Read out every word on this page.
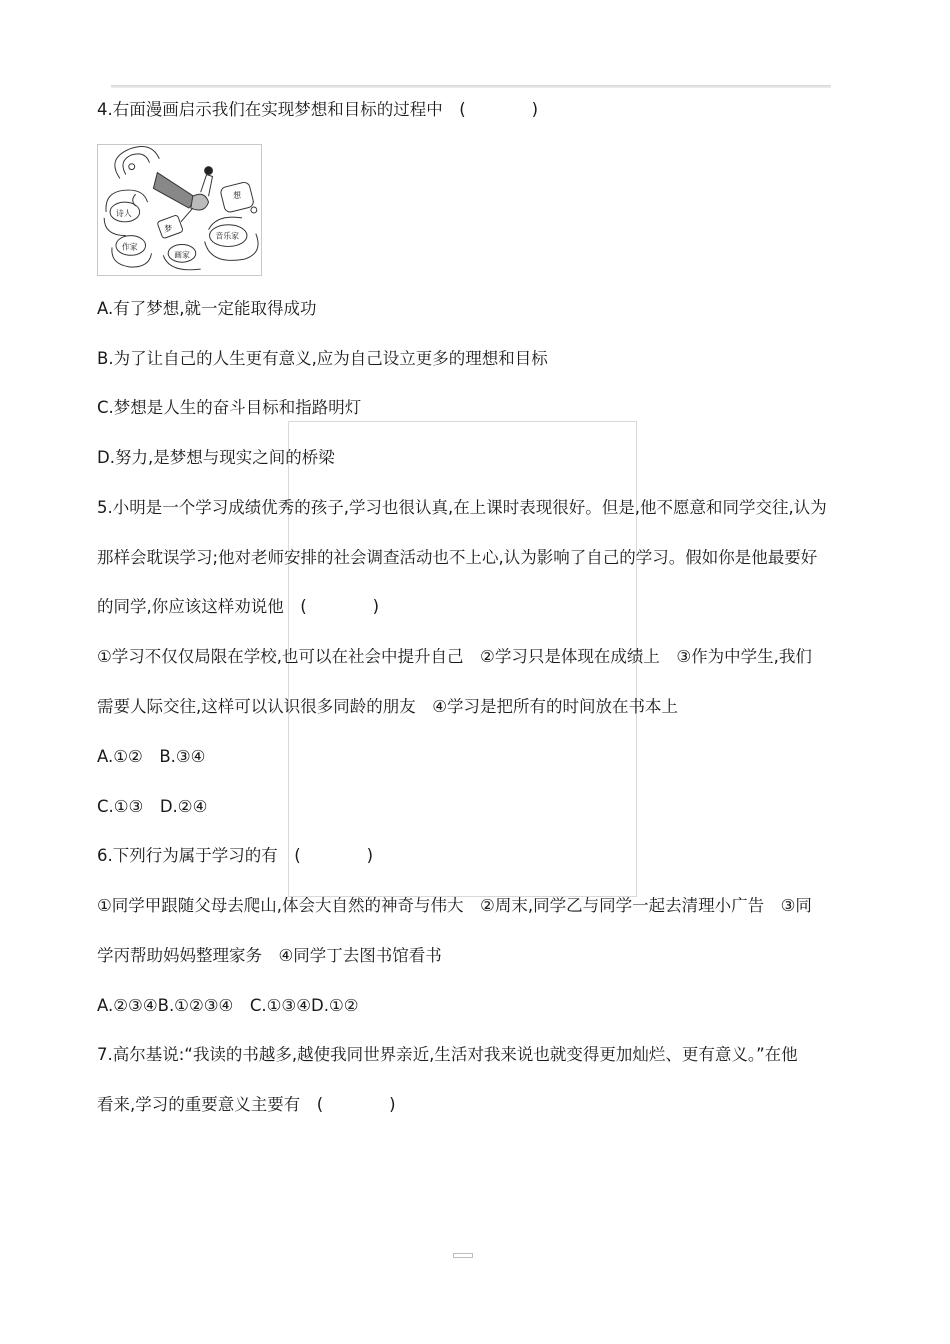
4.右面漫画启示我们在实现梦想和目标的过程中　(　　　　)
诗人
作家
画家
音乐家
想
梦
A.有了梦想,就一定能取得成功
B.为了让自己的人生更有意义,应为自己设立更多的理想和目标
C.梦想是人生的奋斗目标和指路明灯
D.努力,是梦想与现实之间的桥梁
5.小明是一个学习成绩优秀的孩子,学习也很认真,在上课时表现很好。但是,他不愿意和同学交往,认为
那样会耽误学习;他对老师安排的社会调查活动也不上心,认为影响了自己的学习。假如你是他最要好
的同学,你应该这样劝说他　(　　　　)
①学习不仅仅局限在学校,也可以在社会中提升自己　②学习只是体现在成绩上　③作为中学生,我们
需要人际交往,这样可以认识很多同龄的朋友　④学习是把所有的时间放在书本上
A.①②　B.③④
C.①③　D.②④
6.下列行为属于学习的有　(　　　　)
①同学甲跟随父母去爬山,体会大自然的神奇与伟大　②周末,同学乙与同学一起去清理小广告　③同
学丙帮助妈妈整理家务　④同学丁去图书馆看书
A.②③④B.①②③④　C.①③④D.①②
7.高尔基说:“我读的书越多,越使我同世界亲近,生活对我来说也就变得更加灿烂、更有意义。”在他
看来,学习的重要意义主要有　(　　　　)
